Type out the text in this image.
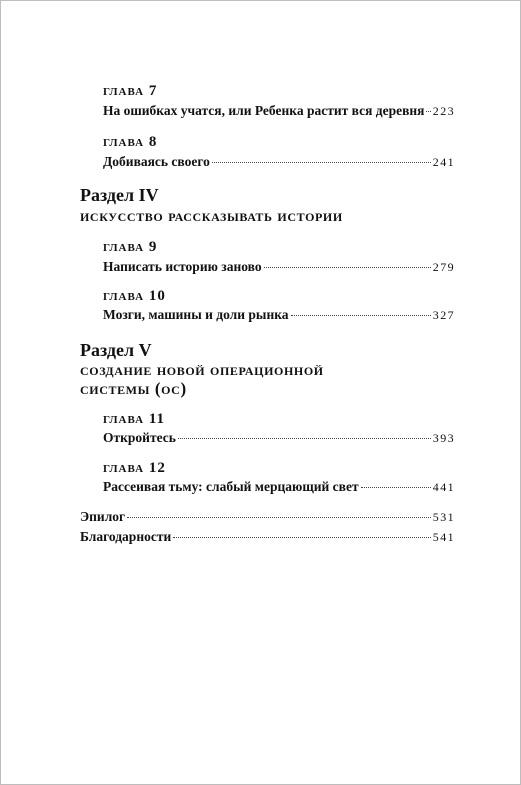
глава 7
На ошибках учатся, или Ребенка растит вся деревня 223
глава 8
Добиваясь своего	241
Раздел IV
искусство рассказывать истории
глава 9
Написать историю заново	279
глава 10
Мозги, машины и доли рынка	327
Раздел V
создание новой операционной
системы (ос)
глава 11
Откройтесь	393
глава 12
Рассеивая тьму: слабый мерцающий свет	441
Эпилог	531
Благодарности	541
